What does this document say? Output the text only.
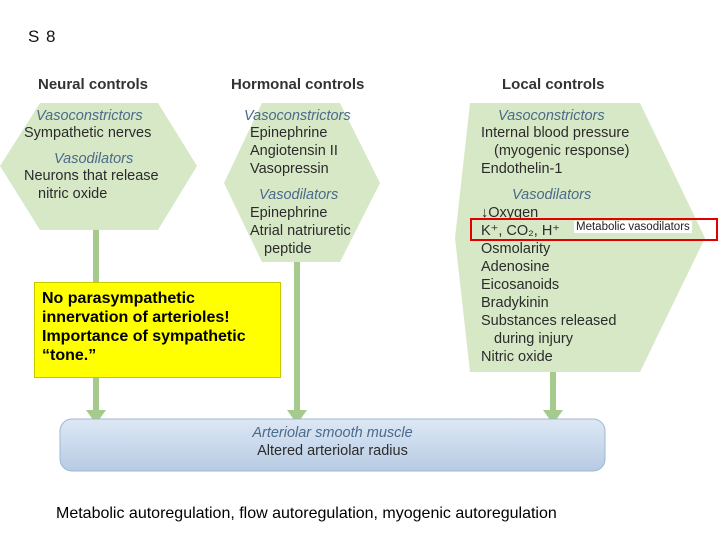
S 8
Neural controls	Hormonal controls	Local controls
Vasoconstrictors
Sympathetic nerves
Vasodilators
Neurons that release
nitric oxide
Vasoconstrictors
Epinephrine
Angiotensin II
Vasopressin
Vasodilators
Epinephrine
Atrial natriuretic
peptide
Vasoconstrictors
Internal blood pressure
(myogenic response)
Endothelin-1
Vasodilators
↓Oxygen
K⁺, CO₂, H⁺
Osmolarity
Adenosine
Eicosanoids
Bradykinin
Substances released
during injury
Nitric oxide
Metabolic vasodilators
No parasympathetic
innervation of arterioles!
Importance of sympathetic
“tone.”
Arteriolar smooth muscle
Altered arteriolar radius
Metabolic autoregulation, flow autoregulation, myogenic autoregulation
